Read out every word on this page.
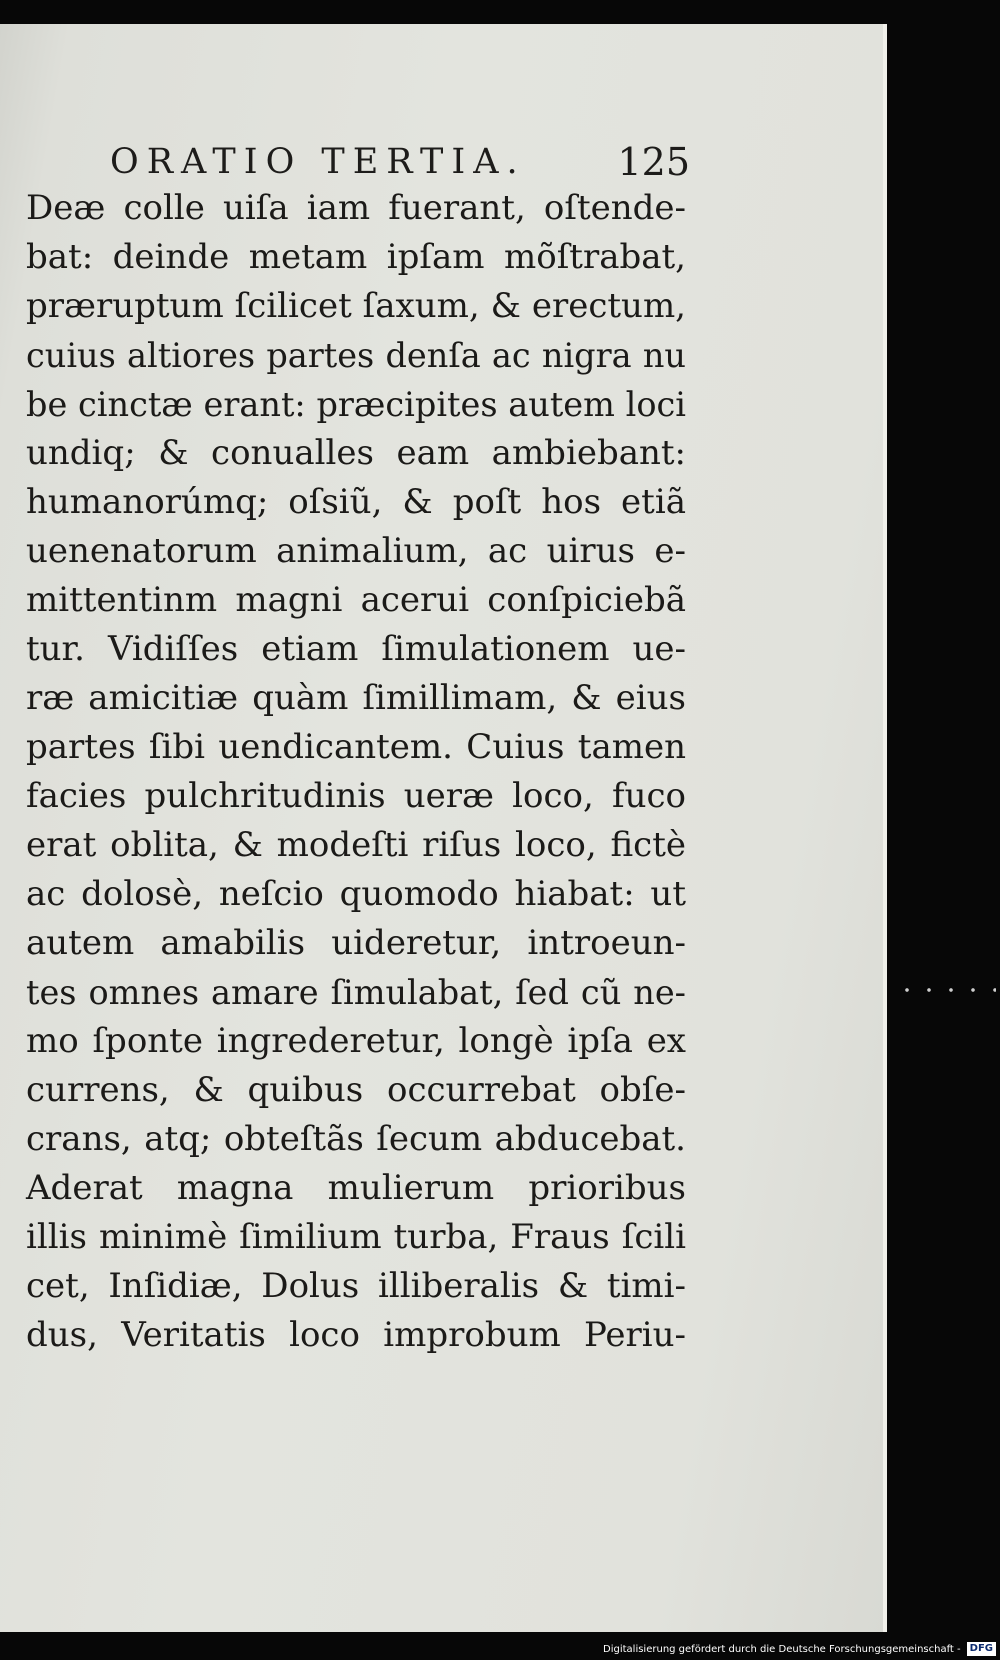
ORATIO TERTIA. 125
Deæ colle uiſa iam fuerant, oſtende-
bat: deinde metam ipſam mõſtrabat,
præruptum ſcilicet ſaxum, & erectum,
cuius altiores partes denſa ac nigra nu
be cinctæ erant: præcipites autem loci
undiq; & conualles eam ambiebant:
humanorúmq; oſsiũ, & poſt hos etiã
uenenatorum animalium, ac uirus e-
mittentinm magni acerui conſpiciebã
tur. Vidiſſes etiam ſimulationem ue-
ræ amicitiæ quàm ſimillimam, & eius
partes ſibi uendicantem. Cuius tamen
facies pulchritudinis ueræ loco, fuco
erat oblita, & modeſti riſus loco, fictè
ac dolosè, neſcio quomodo hiabat: ut
autem amabilis uideretur, introeun-
tes omnes amare ſimulabat, ſed cũ ne-
mo ſponte ingrederetur, longè ipſa ex
currens, & quibus occurrebat obſe-
crans, atq; obteſtãs ſecum abducebat.
Aderat magna mulierum prioribus
illis minimè ſimilium turba, Fraus ſcili
cet, Inſidiæ, Dolus illiberalis & timi-
dus, Veritatis loco improbum Periu-
Digitalisierung gefördert durch die Deutsche Forschungsgemeinschaft - DFG
